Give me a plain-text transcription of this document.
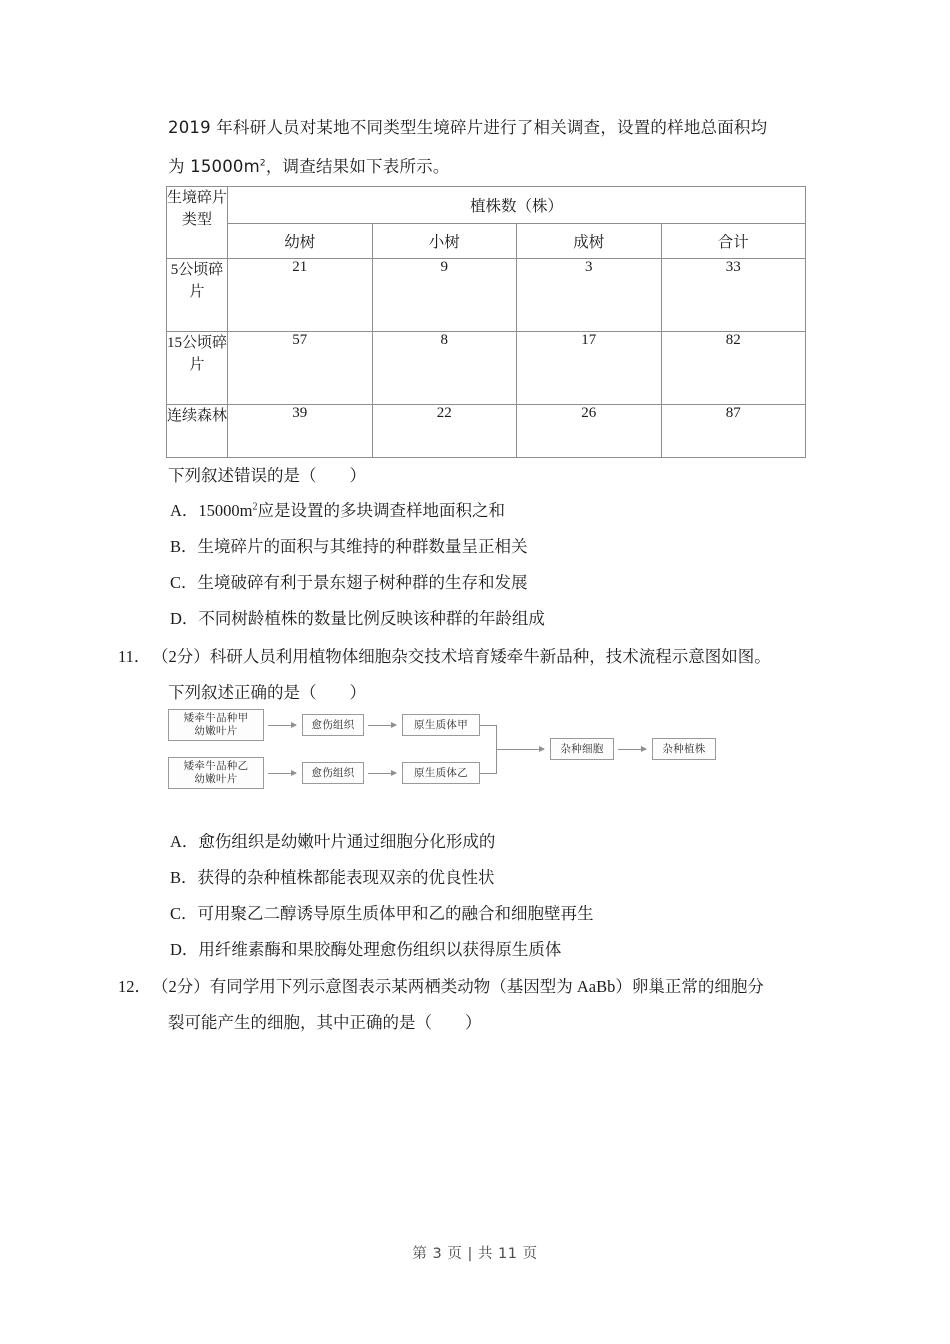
2019 年科研人员对某地不同类型生境碎片进行了相关调查，设置的样地总面积均
为 $15000m^2$，调查结果如下表所示。
生境碎片类型	植株数（株）			
	幼树	小树	成树	合计
5公顷碎片	21	9	3	33
15公顷碎片	57	8	17	82
连续森林	39	22	26	87
下列叙述错误的是（　　）
A．$15000m^2$应是设置的多块调查样地面积之和
B．生境碎片的面积与其维持的种群数量呈正相关
C．生境破碎有利于景东翅子树种群的生存和发展
D．不同树龄植株的数量比例反映该种群的年龄组成
11． （2分）科研人员利用植物体细胞杂交技术培育矮牵牛新品种，技术流程示意图如图。
下列叙述正确的是（　　）
矮牵牛品种甲
幼嫩叶片
矮牵牛品种乙
幼嫩叶片
愈伤组织
愈伤组织
原生质体甲
原生质体乙
杂种细胞	杂种植株
A．愈伤组织是幼嫩叶片通过细胞分化形成的
B．获得的杂种植株都能表现双亲的优良性状
C．可用聚乙二醇诱导原生质体甲和乙的融合和细胞壁再生
D．用纤维素酶和果胶酶处理愈伤组织以获得原生质体
12． （2分）有同学用下列示意图表示某两栖类动物（基因型为 AaBb）卵巢正常的细胞分
裂可能产生的细胞，其中正确的是（　　）
第 3 页 | 共 11 页
